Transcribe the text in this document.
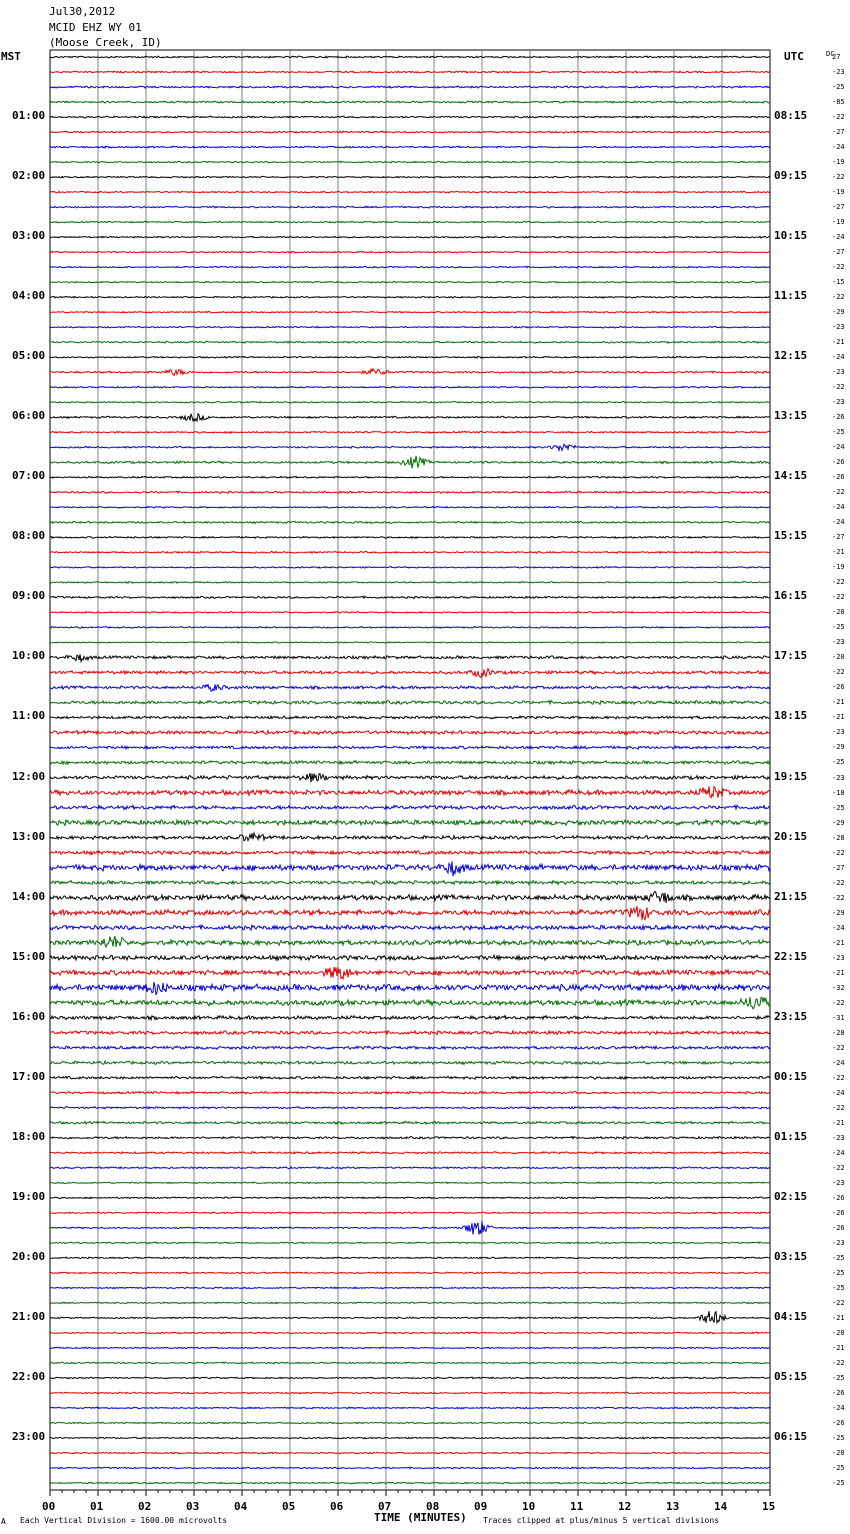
Jul30,2012
MCID EHZ WY 01
(Moose Creek, ID)
MST	UTC	DC
01:00	08:15
02:00	09:15
03:00	10:15
04:00	11:15
05:00	12:15
06:00	13:15
07:00	14:15
08:00	15:15
09:00	16:15
10:00	17:15
11:00	18:15
12:00	19:15
13:00	20:15
14:00	21:15
15:00	22:15
16:00	23:15
17:00	00:15
18:00	01:15
19:00	02:15
20:00	03:15
21:00	04:15
22:00	05:15
23:00	06:15
27
-23
-25
-85
-22
-27
-24
-19
-22
-19
-27
-19
-24
-27
-22
-15
-22
-29
-23
-21
-24
-23
-22
-23
-26
-25
-24
-26
-26
-22
-24
-24
-27
-21
-19
-22
-22
-20
-25
-23
-20
-22
-26
-21
-21
-23
-29
-25
-23
-18
-25
-29
-28
-22
-27
-22
-22
-29
-24
-21
-23
-21
-32
-22
-31
-28
-22
-24
-22
-24
-22
-21
-23
-24
-22
-23
-26
-26
-26
-23
-25
-25
-25
-22
-21
-20
-21
-22
-25
-26
-24
-26
-25
-20
-25
-25
00	01	02	03	04	05	06	07	08	09	10	11	12	13	14	15
A Each Vertical Division = 1600.00 microvolts	TIME (MINUTES) Traces clipped at plus/minus 5 vertical divisions
